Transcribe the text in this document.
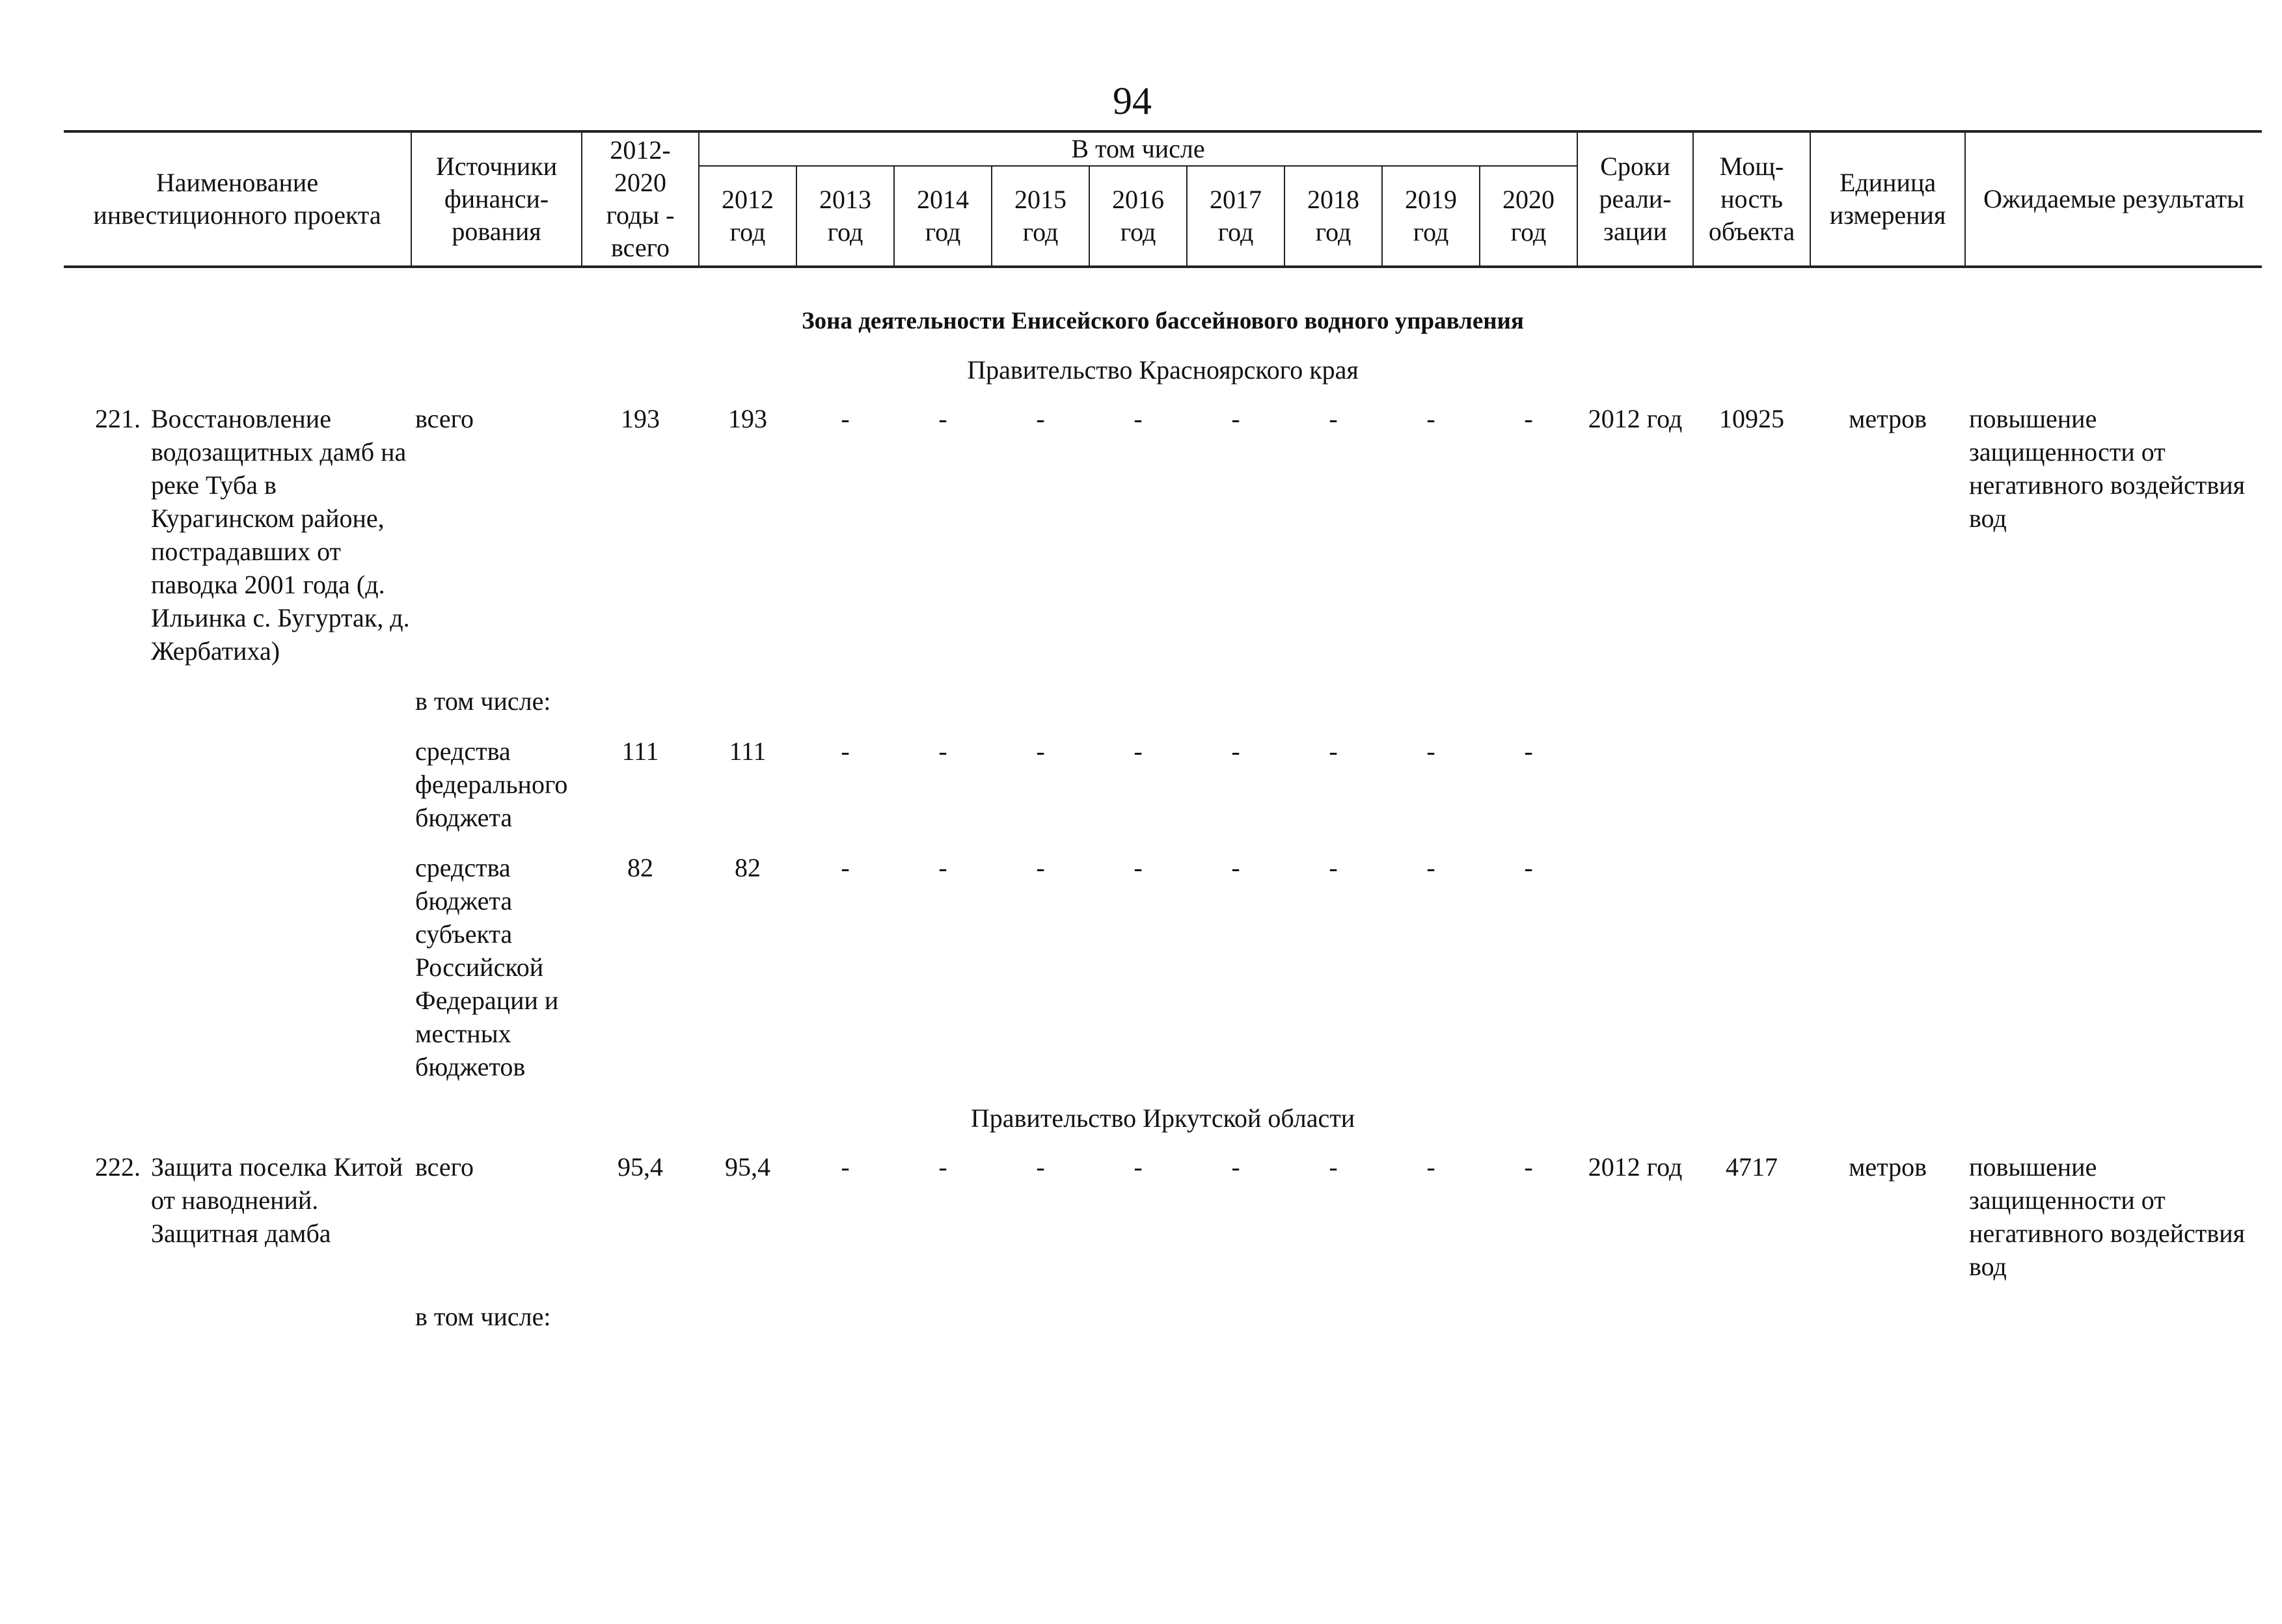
94
Наименование инвестиционного проекта	Источники финанси-рования	2012-2020 годы - всего	В том числе									Сроки реали-зации	Мощ-ность объекта	Единица измерения	Ожидаемые результаты
			2012 год	2013 год	2014 год	2015 год	2016 год	2017 год	2018 год	2019 год	2020 год				
Зона деятельности Енисейского бассейнового водного управления															
Правительство Красноярского края															

221. Восстановление водозащитных дамб на реке Туба в Курагинском районе, пострадавших от паводка 2001 года (д. Ильинка с. Бугуртак, д. Жербатиха)	всего	193	193	-	-	-	-	-	-	-	-	2012 год	10925	метров	повышение защищенности от негативного воздействия вод
	в том числе:														
	средства федерального бюджета	111	111	-	-	-	-	-	-	-	-				
	средства бюджета субъекта Российской Федерации и местных бюджетов	82	82	-	-	-	-	-	-	-	-				
Правительство Иркутской области															

222. Защита поселка Китой от наводнений. Защитная дамба	всего	95,4	95,4	-	-	-	-	-	-	-	-	2012 год	4717	метров	повышение защищенности от негативного воздействия вод
	в том числе:														
